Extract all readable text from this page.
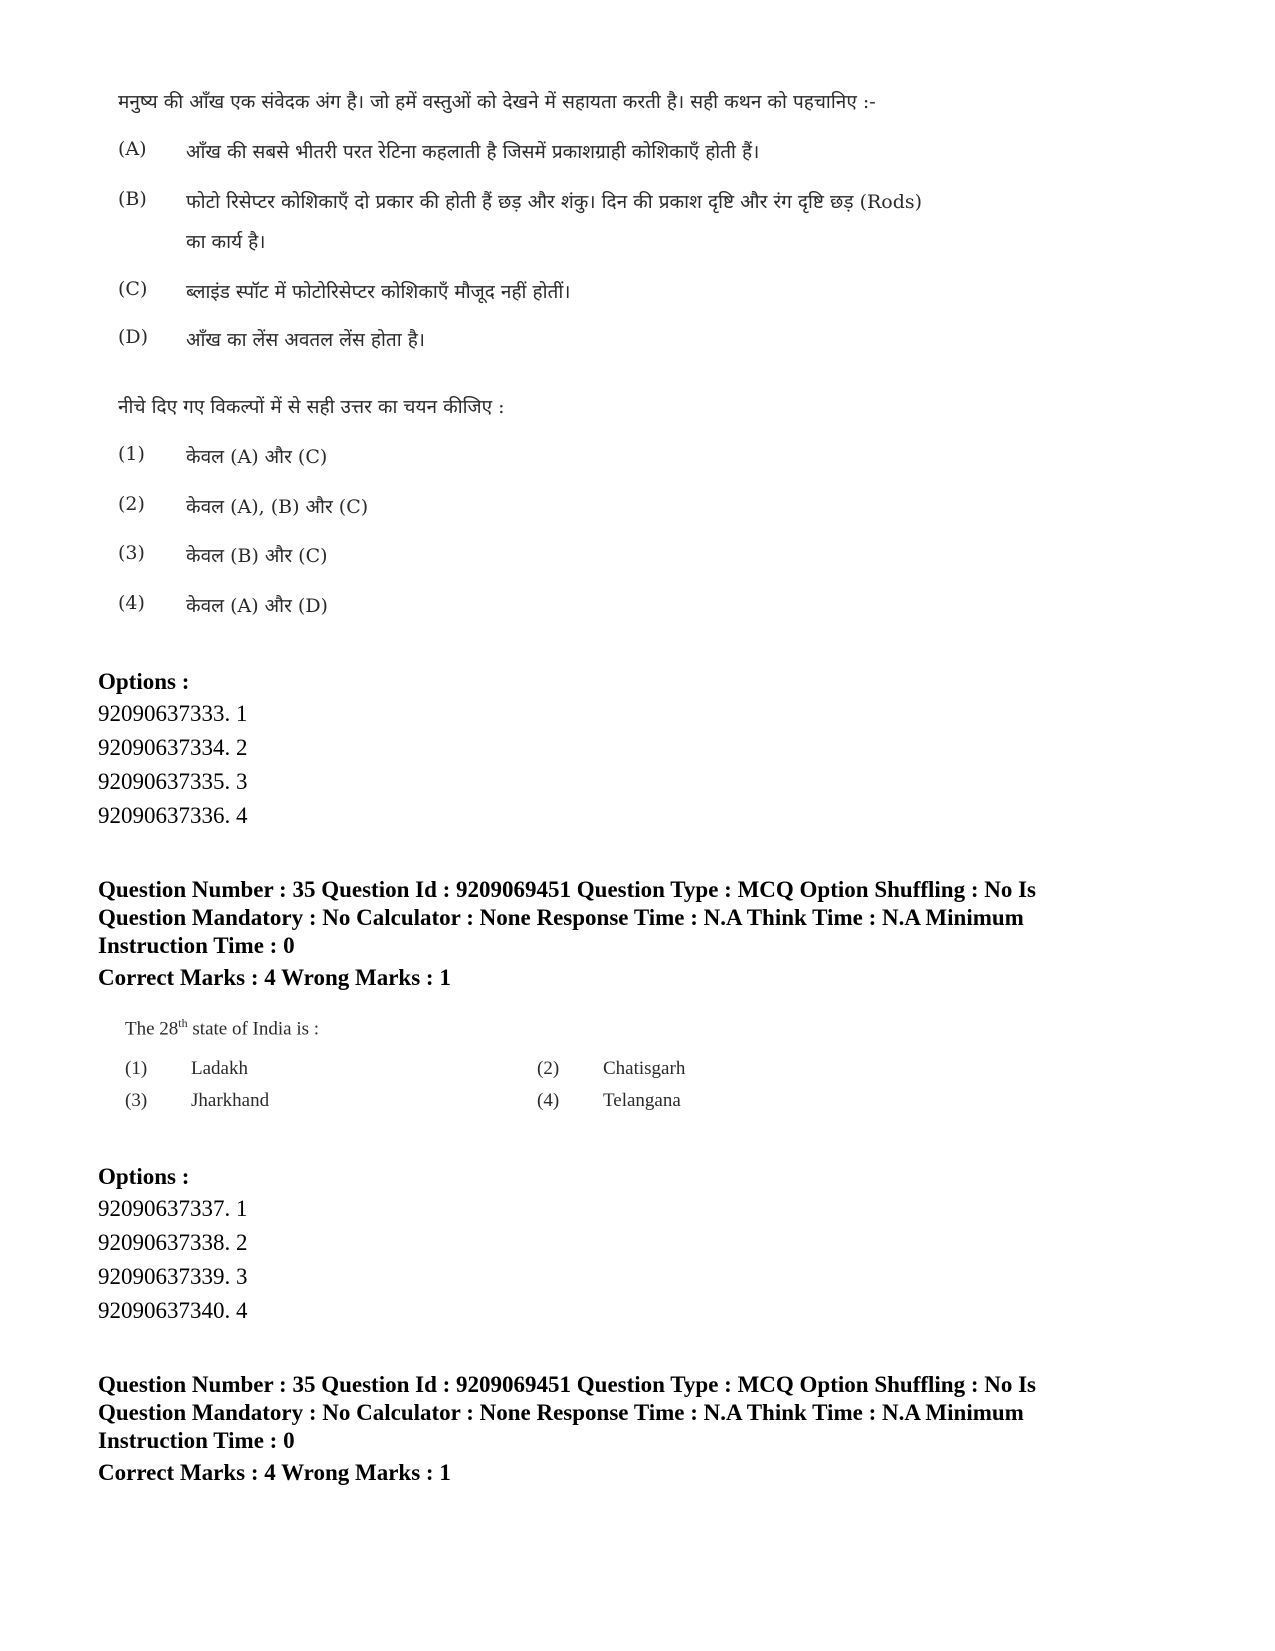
मनुष्य की आँख एक संवेदक अंग है। जो हमें वस्तुओं को देखने में सहायता करती है। सही कथन को पहचानिए :-
(A) आँख की सबसे भीतरी परत रेटिना कहलाती है जिसमें प्रकाशग्राही कोशिकाएँ होती हैं।
(B) फोटो रिसेप्टर कोशिकाएँ दो प्रकार की होती हैं छड़ और शंकु। दिन की प्रकाश दृष्टि और रंग दृष्टि छड़ (Rods)
का कार्य है।
(C) ब्लाइंड स्पॉट में फोटोरिसेप्टर कोशिकाएँ मौजूद नहीं होतीं।
(D) आँख का लेंस अवतल लेंस होता है।
नीचे दिए गए विकल्पों में से सही उत्तर का चयन कीजिए :
(1) केवल (A) और (C)
(2) केवल (A), (B) और (C)
(3) केवल (B) और (C)
(4) केवल (A) और (D)
Options :
92090637333. 1
92090637334. 2
92090637335. 3
92090637336. 4
Question Number : 35 Question Id : 9209069451 Question Type : MCQ Option Shuffling : No Is
Question Mandatory : No Calculator : None Response Time : N.A Think Time : N.A Minimum
Instruction Time : 0
Correct Marks : 4 Wrong Marks : 1
The 28th state of India is :
(1) Ladakh	(2) Chatisgarh
(3) Jharkhand	(4) Telangana
Options :
92090637337. 1
92090637338. 2
92090637339. 3
92090637340. 4
Question Number : 35 Question Id : 9209069451 Question Type : MCQ Option Shuffling : No Is
Question Mandatory : No Calculator : None Response Time : N.A Think Time : N.A Minimum
Instruction Time : 0
Correct Marks : 4 Wrong Marks : 1
